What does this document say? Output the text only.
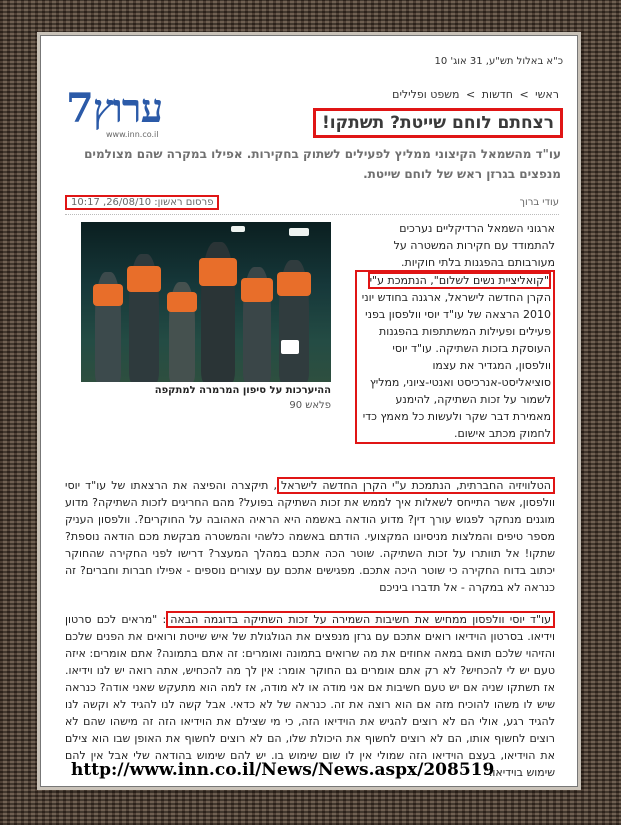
כ"א באלול תש"ע, 31 אוג' 10
ערוץ7
www.inn.co.il
ראשי > חדשות > משפט ופלילים
רצחתם לוחם שייטת? תשתקו!
עו"ד מהשמאל הקיצוני ממליץ לפעילים לשתוק בחקירות. אפילו במקרה שהם מצולמים מנפצים בגרזן ראש של לוחם שייטת.
עודי ברוך
פרסום ראשון: 26/08/10, 10:17
ההיערכות על סיפון המרמרה למתקפה
פלאש 90
ארגוני השמאל הרדיקליים נערכים להתמודד עם חקירות המשטרה על מעורבותם בהפגנות בלתי חוקיות.
"קואליציית נשים לשלום", הנתמכת ע"י הקרן החדשה לישראל, ארגנה בחודש יוני 2010 הרצאה של עו"ד יוסי וולפסון בפני פעילים ופעילות המשתתפות בהפגנות העוסקת בזכות השתיקה. עו"ד יוסי וולפסון, המגדיר את עצמו סוציאליסט-אנרכיסט ואנטי-ציוני, ממליץ לשמור על זכות השתיקה, להימנע מאמירת דבר שקר ולעשות כל מאמץ כדי לחמוק מכתב אישום.
הטלוויזיה החברתית, הנתמכת ע"י הקרן החדשה לישראל, תיקצרה והפיצה את הרצאתו של עו"ד יוסי וולפסון, אשר התייחס לשאלות איך לממש את זכות השתיקה בפועל? מהם החריגים לזכות השתיקה? מדוע מוגנים מנחקר לפגוש עורך דין? מדוע הודאה באשמה היא הראיה האהובה על החוקרים?. וולפסון העניק מספר טיפים והמלצות מניסיונו המקצועי. הודתם באשמה כלשהי והמשטרה מבקשת מכם הודאה נוספת? שתקו! אל תוותרו על זכות השתיקה. שוטר הכה אתכם במהלך המעצר? דרישו לפני החקירה שהחוקר יכתוב בדוח החקירה כי שוטר היכה אתכם. מפגישים אתכם עם עצורים נוספים - אפילו חברות וחברים? זה כנראה לא במקרה - אל תדברו ביניכם
עו"ד יוסי וולפסון ממחיש את חשיבות השמירה על זכות השתיקה בדוגמה הבאה: "מראים לכם סרטון וידיאו. בסרטון הוידיאו רואים אתכם עם גרזן מנפצים את הגולגולת של איש שייטת ורואים את הפנים שלכם והזיהוי שלכם תואם במאה אחוזים את מה שרואים בתמונה ואומרים: זה אתם בתמונה? אתם אומרים: איזה טעם יש לי להכחיש? לא רק אתם אומרים גם החוקר אומר: אין לך מה להכחיש, אתה רואה יש לנו וידיאו. אז תשתקו שניה אם יש טעם חשיבות אם אני מודה או לא מודה, אז למה הוא מתעקש שאני אודה? כנראה שיש לו משהו להוכיח מזה אם הוא רוצה את זה. כנראה של לא כדאי. אבל קשה לנו להגיד לא וקשה לנו להגיד רגע, אולי הם לא רוצים להגיש את הוידיאו הזה, כי מי שצילם את הוידיאו הזה זה מישהו שהם לא רוצים לחשוף אותו, הם לא רוצים לחשוף את היכולת שלו, הם לא רוצים לחשוף את האופן שבו הוא צילם את הוידיאו, בעצם הוידיאו הזה שמולי אין לו שום שימוש בו. יש להם שימוש בהודאה שלי אבל אין להם שימוש בוידיאו."
http://www.inn.co.il/News/News.aspx/208519
